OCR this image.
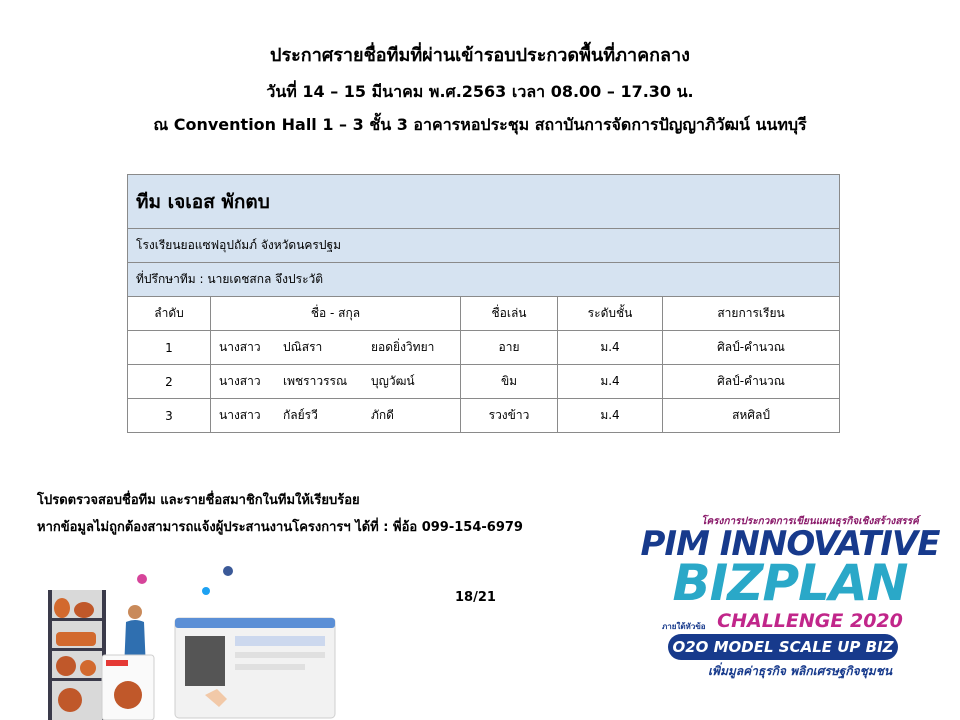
ประกาศรายชื่อทีมที่ผ่านเข้ารอบประกวดพื้นที่ภาคกลาง
วันที่ 14 – 15 มีนาคม พ.ศ.2563 เวลา 08.00 – 17.30 น.
ณ Convention Hall 1 – 3 ชั้น 3 อาคารหอประชุม สถาบันการจัดการปัญญาภิวัฒน์ นนทบุรี
ทีม เจเอส พักตบ				
โรงเรียนยอแซฟอุปถัมภ์ จังหวัดนครปฐม				
ที่ปรึกษาทีม : นายเดชสกล จึงประวัติ				
ลำดับ	ชื่อ - สกุล	ชื่อเล่น	ระดับชั้น	สายการเรียน
1	นางสาว ปณิสรา ยอดยิ่งวิทยา	อาย	ม.4	ศิลป์-คำนวณ
2	นางสาว เพชราวรรณ บุญวัฒน์	ขิม	ม.4	ศิลป์-คำนวณ
3	นางสาว กัลย์รวี ภักดี	รวงข้าว	ม.4	สหศิลป์
โปรดตรวจสอบชื่อทีม และรายชื่อสมาชิกในทีมให้เรียบร้อย
หากข้อมูลไม่ถูกต้องสามารถแจ้งผู้ประสานงานโครงการฯ ได้ที่ : พี่อ้อ 099-154-6979
18/21
โครงการประกวดการเขียนแผนธุรกิจเชิงสร้างสรรค์
PIM INNOVATIVE
BIZPLAN
ภายใต้หัวข้อ CHALLENGE 2020
O2O MODEL SCALE UP BIZ
เพิ่มมูลค่าธุรกิจ พลิกเศรษฐกิจชุมชน
